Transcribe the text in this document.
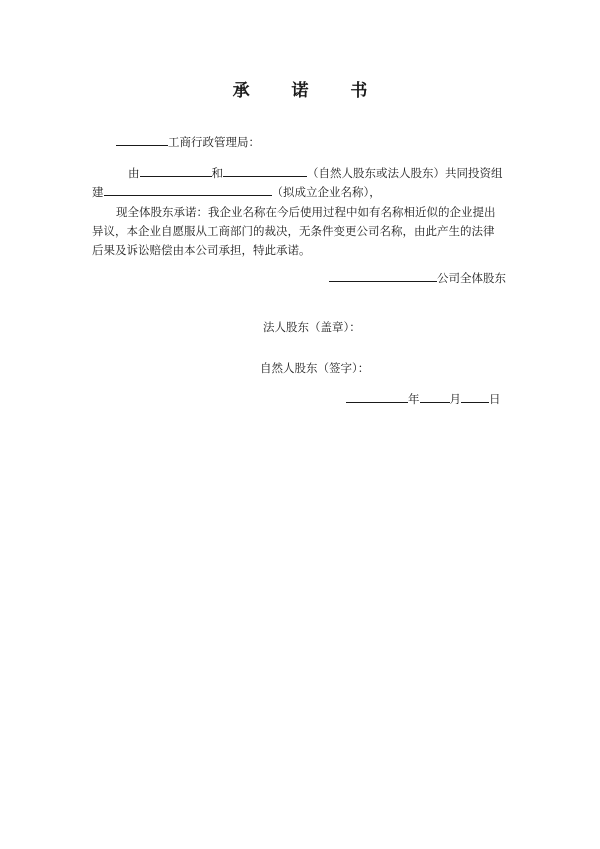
承 诺 书
工商行政管理局：
由	和	（自然人股东或法人股东）共同投资组
建	（拟成立企业名称），
现全体股东承诺：我企业名称在今后使用过程中如有名称相近似的企业提出
异议，本企业自愿服从工商部门的裁决，无条件变更公司名称，由此产生的法律
后果及诉讼赔偿由本公司承担，特此承诺。
公司全体股东
法人股东（盖章）：
自然人股东（签字）：
年	月 日
